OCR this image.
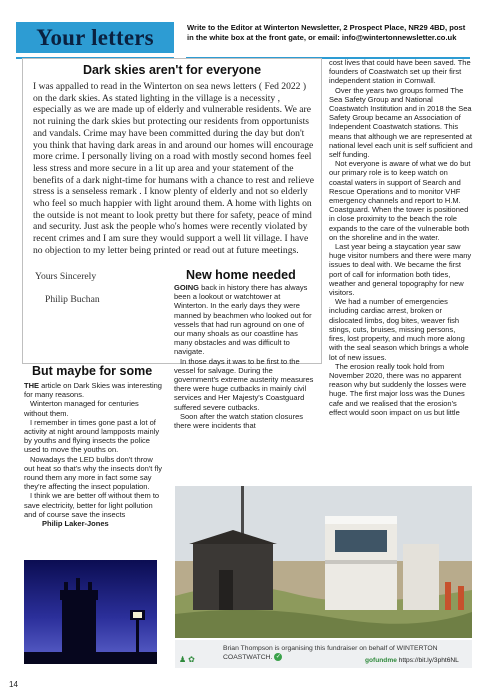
Your letters	Write to the Editor at Winterton Newsletter, 2 Prospect Place, NR29 4BD, post
in the white box at the front gate, or email: info@wintertonnewsletter.co.uk
Dark skies aren't for everyone

I was appalled to read in the Winterton on sea news letters ( Fed 2022 ) on the dark skies. As stated lighting in the village is a necessity , especially as we are made up of elderly and vulnerable residents. We are not ruining the dark skies but protecting our residents from opportunists and vandals. Crime may have been committed during the day but don't you think that having dark areas in and around our homes will encourage more crime. I personally living on a road with mostly second homes feel less stress and more secure in a lit up area and your statement of the benefits of a dark night-time for humans with a chance to rest and relieve stress is a senseless remark . I know plenty of elderly and not so elderly who feel so much happier with light around them. A home with lights on the outside is not meant to look pretty but there for safety, peace of mind and security. Just ask the people who's homes were recently violated by recent crimes and I am sure they would support a well lit village. I have no objection to my letter being printed or read out at future meetings.

Yours Sincerely

Philip Buchan

But maybe for some

THE article on Dark Skies was interesting for many reasons.

Winterton managed for centuries without them.

I remember in times gone past a lot of activity at night around lampposts mainly by youths and flying insects the police used to move the youths on.

Nowadays the LED bulbs don't throw out heat so that's why the insects don't fly round them any more in fact some say they're affecting the insect population.

I think we are better off without them to save electricity, better for light pollution and of course save the insects

Philip Laker-Jones

New home needed

GOING back in history there has always been a lookout or watchtower at Winterton. In the early days they were manned by beachmen who looked out for vessels that had run aground on one of our many shoals as our coastline has many obstacles and was difficult to navigate.

In those days it was to be first to the vessel for salvage. During the government's extreme austerity measures there were huge cutbacks in mainly civil services and Her Majesty's Coastguard suffered severe cutbacks.

Soon after the watch station closures there were incidents that

cost lives that could have been saved. The founders of Coastwatch set up their first independent station in Cornwall.

Over the years two groups formed The Sea Safety Group and National Coastwatch Institution and in 2018 the Sea Safety Group became an Association of Independent Coastwatch stations. This means that although we are represented at national level each unit is self sufficient and self funding.

Not everyone is aware of what we do but our primary role is to keep watch on coastal waters in support of Search and Rescue Operations and to monitor VHF emergency channels and report to H.M. Coastguard. When the tower is positioned in close proximity to the beach the role expands to the care of the vulnerable both on the shoreline and in the water.

Last year being a staycation year saw huge visitor numbers and there were many issues to deal with. We became the first port of call for information both tides, weather and general topography for new visitors.

We had a number of emergencies including cardiac arrest, broken or dislocated limbs, dog bites, weaver fish stings, cuts, bruises, missing persons, fires, lost property, and much more along with the seal season which brings a whole lot of new issues.

The erosion really took hold from November 2020, there was no apparent reason why but suddenly the losses were huge. The first major loss was the Dunes cafe and we realised that the erosion's effect would soon impact on us but little

♟✿
Brian Thompson is organising this fundraiser on behalf of WINTERTON
COASTWATCH. ✓	gofundme https://bit.ly/3pht6NL
14
